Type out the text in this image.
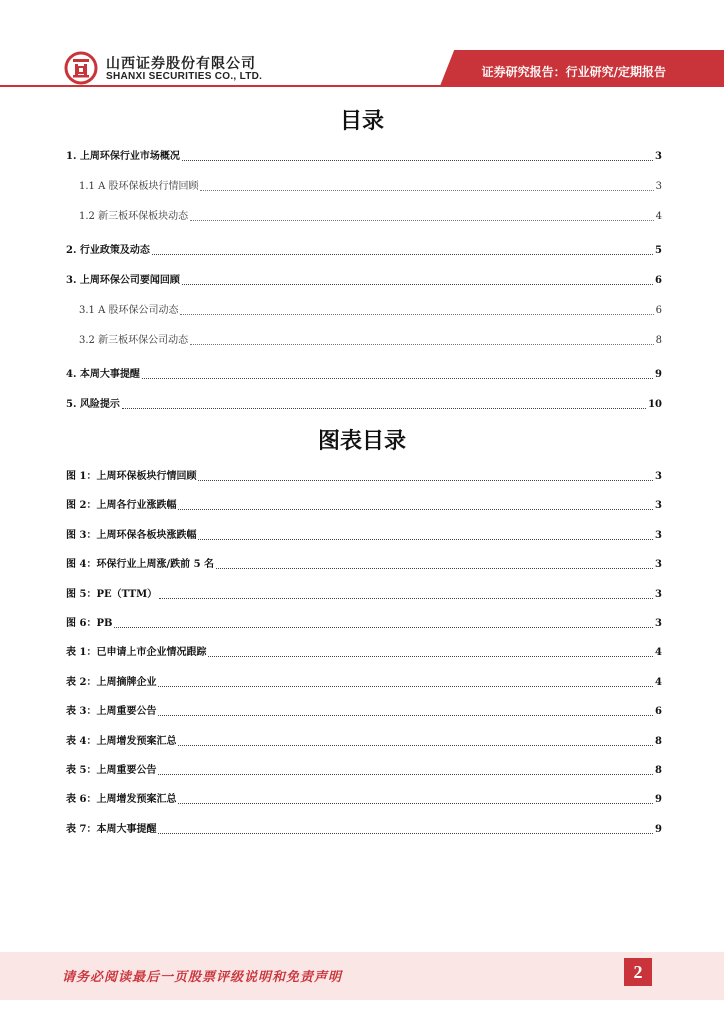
山西证券股份有限公司
SHANXI SECURITIES CO., LTD.	证券研究报告：行业研究/定期报告
目录
1. 上周环保行业市场概况	3
1.1 A 股环保板块行情回顾	3
1.2 新三板环保板块动态	4
2. 行业政策及动态	5
3. 上周环保公司要闻回顾	6
3.1 A 股环保公司动态	6
3.2 新三板环保公司动态	8
4. 本周大事提醒	9
5. 风险提示	10
图表目录
图 1：上周环保板块行情回顾	3
图 2：上周各行业涨跌幅	3
图 3：上周环保各板块涨跌幅	3
图 4：环保行业上周涨/跌前 5 名	3
图 5：PE（TTM）	3
图 6：PB	3
表 1：已申请上市企业情况跟踪	4
表 2：上周摘牌企业	4
表 3：上周重要公告	6
表 4：上周增发预案汇总	8
表 5：上周重要公告	8
表 6：上周增发预案汇总	9
表 7：本周大事提醒	9
请务必阅读最后一页股票评级说明和免责声明	2
